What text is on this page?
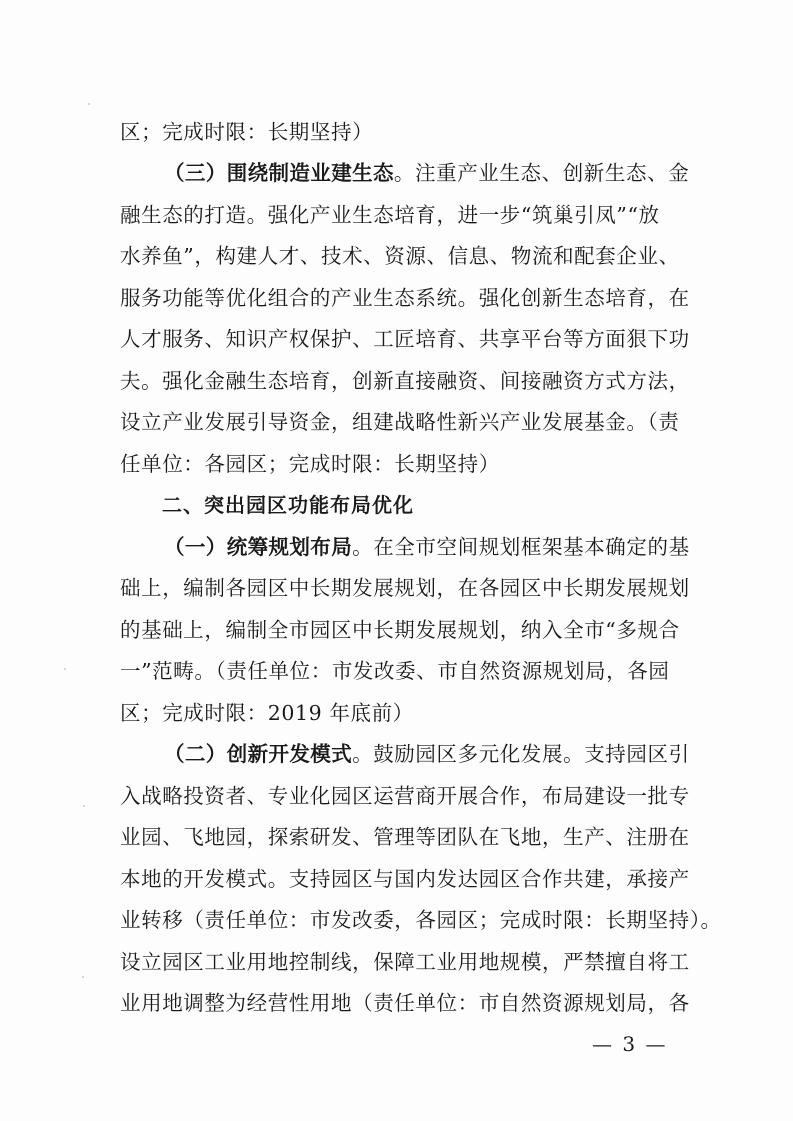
区；完成时限：长期坚持）
（三）围绕制造业建生态。注重产业生态、创新生态、金
融生态的打造。强化产业生态培育，进一步“筑巢引凤”“放
水养鱼”，构建人才、技术、资源、信息、物流和配套企业、
服务功能等优化组合的产业生态系统。强化创新生态培育，在
人才服务、知识产权保护、工匠培育、共享平台等方面狠下功
夫。强化金融生态培育，创新直接融资、间接融资方式方法，
设立产业发展引导资金，组建战略性新兴产业发展基金。（责
任单位：各园区；完成时限：长期坚持）
二、突出园区功能布局优化
（一）统筹规划布局。在全市空间规划框架基本确定的基
础上，编制各园区中长期发展规划，在各园区中长期发展规划
的基础上，编制全市园区中长期发展规划，纳入全市“多规合
一”范畴。（责任单位：市发改委、市自然资源规划局，各园
区；完成时限：2019 年底前）
（二）创新开发模式。鼓励园区多元化发展。支持园区引
入战略投资者、专业化园区运营商开展合作，布局建设一批专
业园、飞地园，探索研发、管理等团队在飞地，生产、注册在
本地的开发模式。支持园区与国内发达园区合作共建，承接产
业转移（责任单位：市发改委，各园区；完成时限：长期坚持）。
设立园区工业用地控制线，保障工业用地规模，严禁擅自将工
业用地调整为经营性用地（责任单位：市自然资源规划局，各
— 3 —
